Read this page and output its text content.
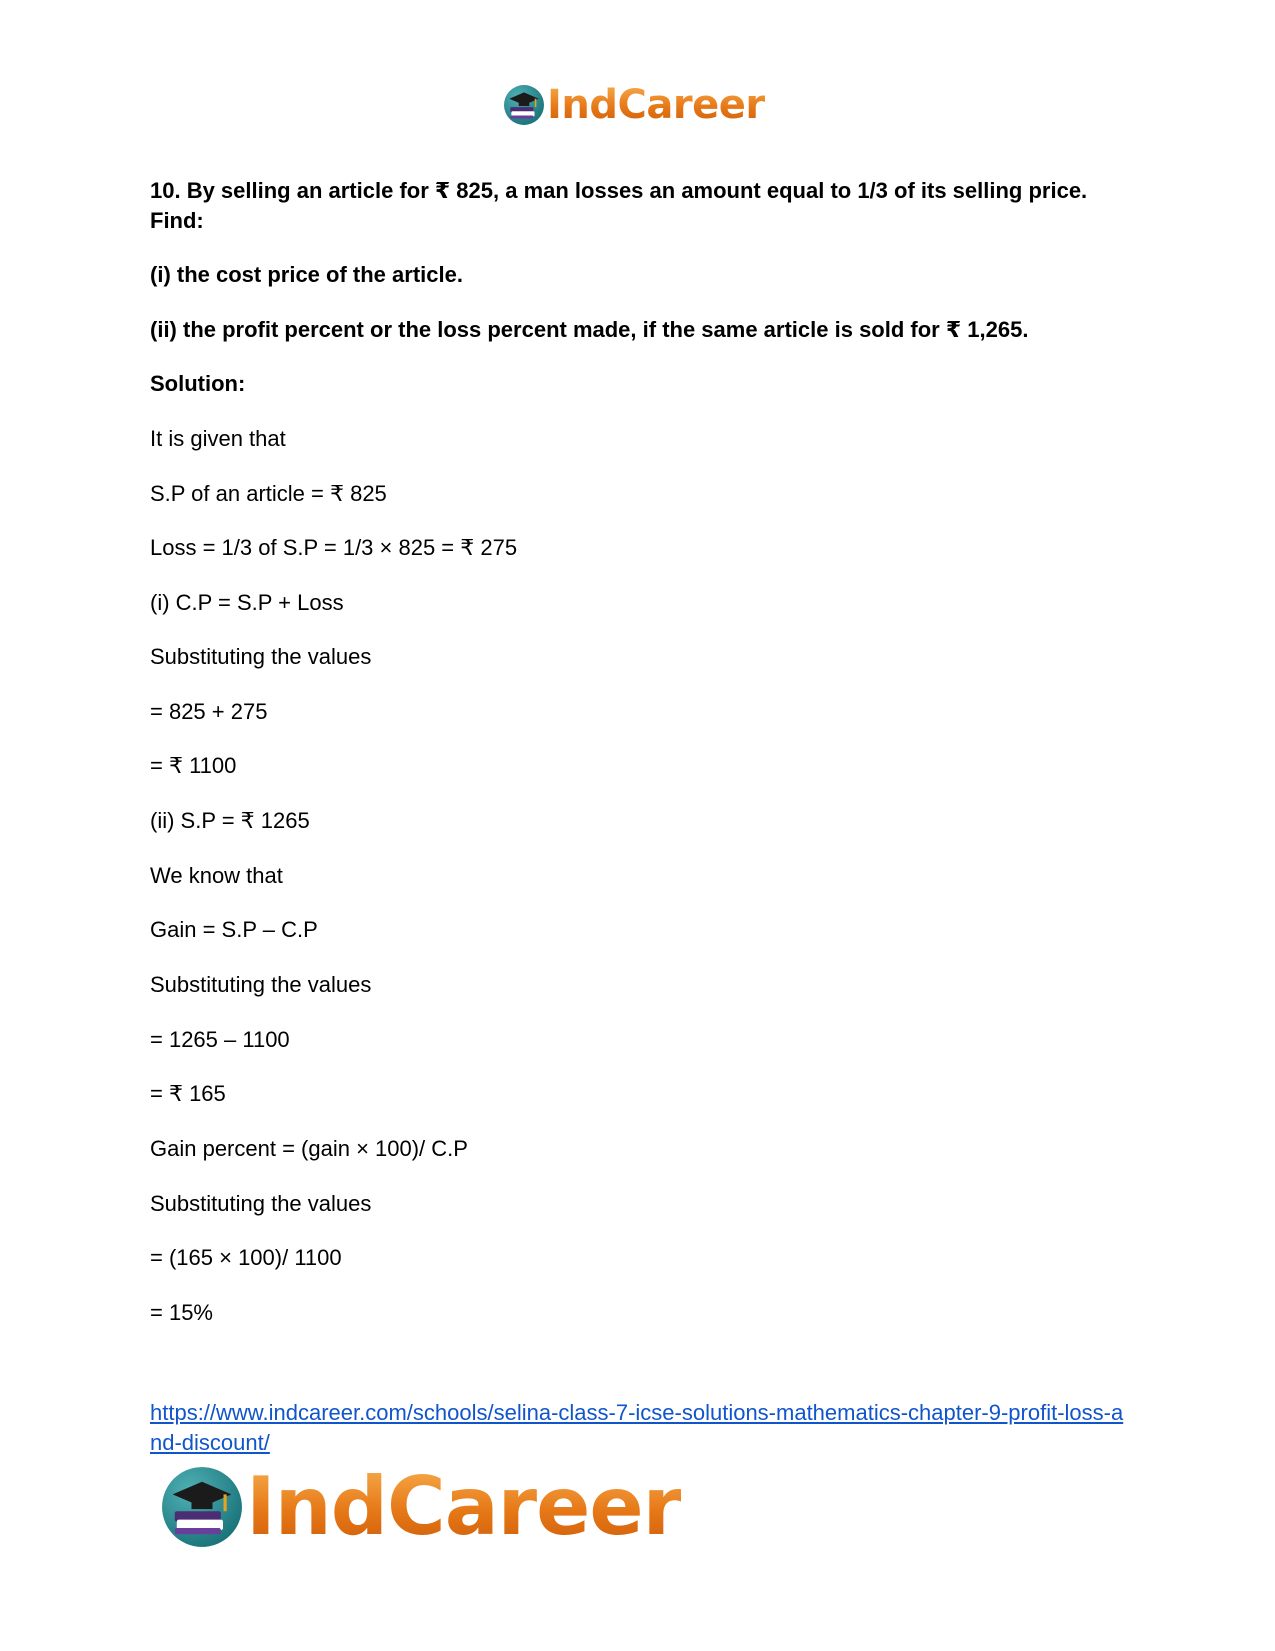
IndCareer
10. By selling an article for ₹ 825, a man losses an amount equal to 1/3 of its selling price.
Find:
(i) the cost price of the article.
(ii) the profit percent or the loss percent made, if the same article is sold for ₹ 1,265.
Solution:
It is given that
S.P of an article = ₹ 825
Loss = 1/3 of S.P = 1/3 × 825 = ₹ 275
(i) C.P = S.P + Loss
Substituting the values
= 825 + 275
= ₹ 1100
(ii) S.P = ₹ 1265
We know that
Gain = S.P – C.P
Substituting the values
= 1265 – 1100
= ₹ 165
Gain percent = (gain × 100)/ C.P
Substituting the values
= (165 × 100)/ 1100
= 15%
https://www.indcareer.com/schools/selina-class-7-icse-solutions-mathematics-chapter-9-profit-loss-and-discount/
IndCareer
